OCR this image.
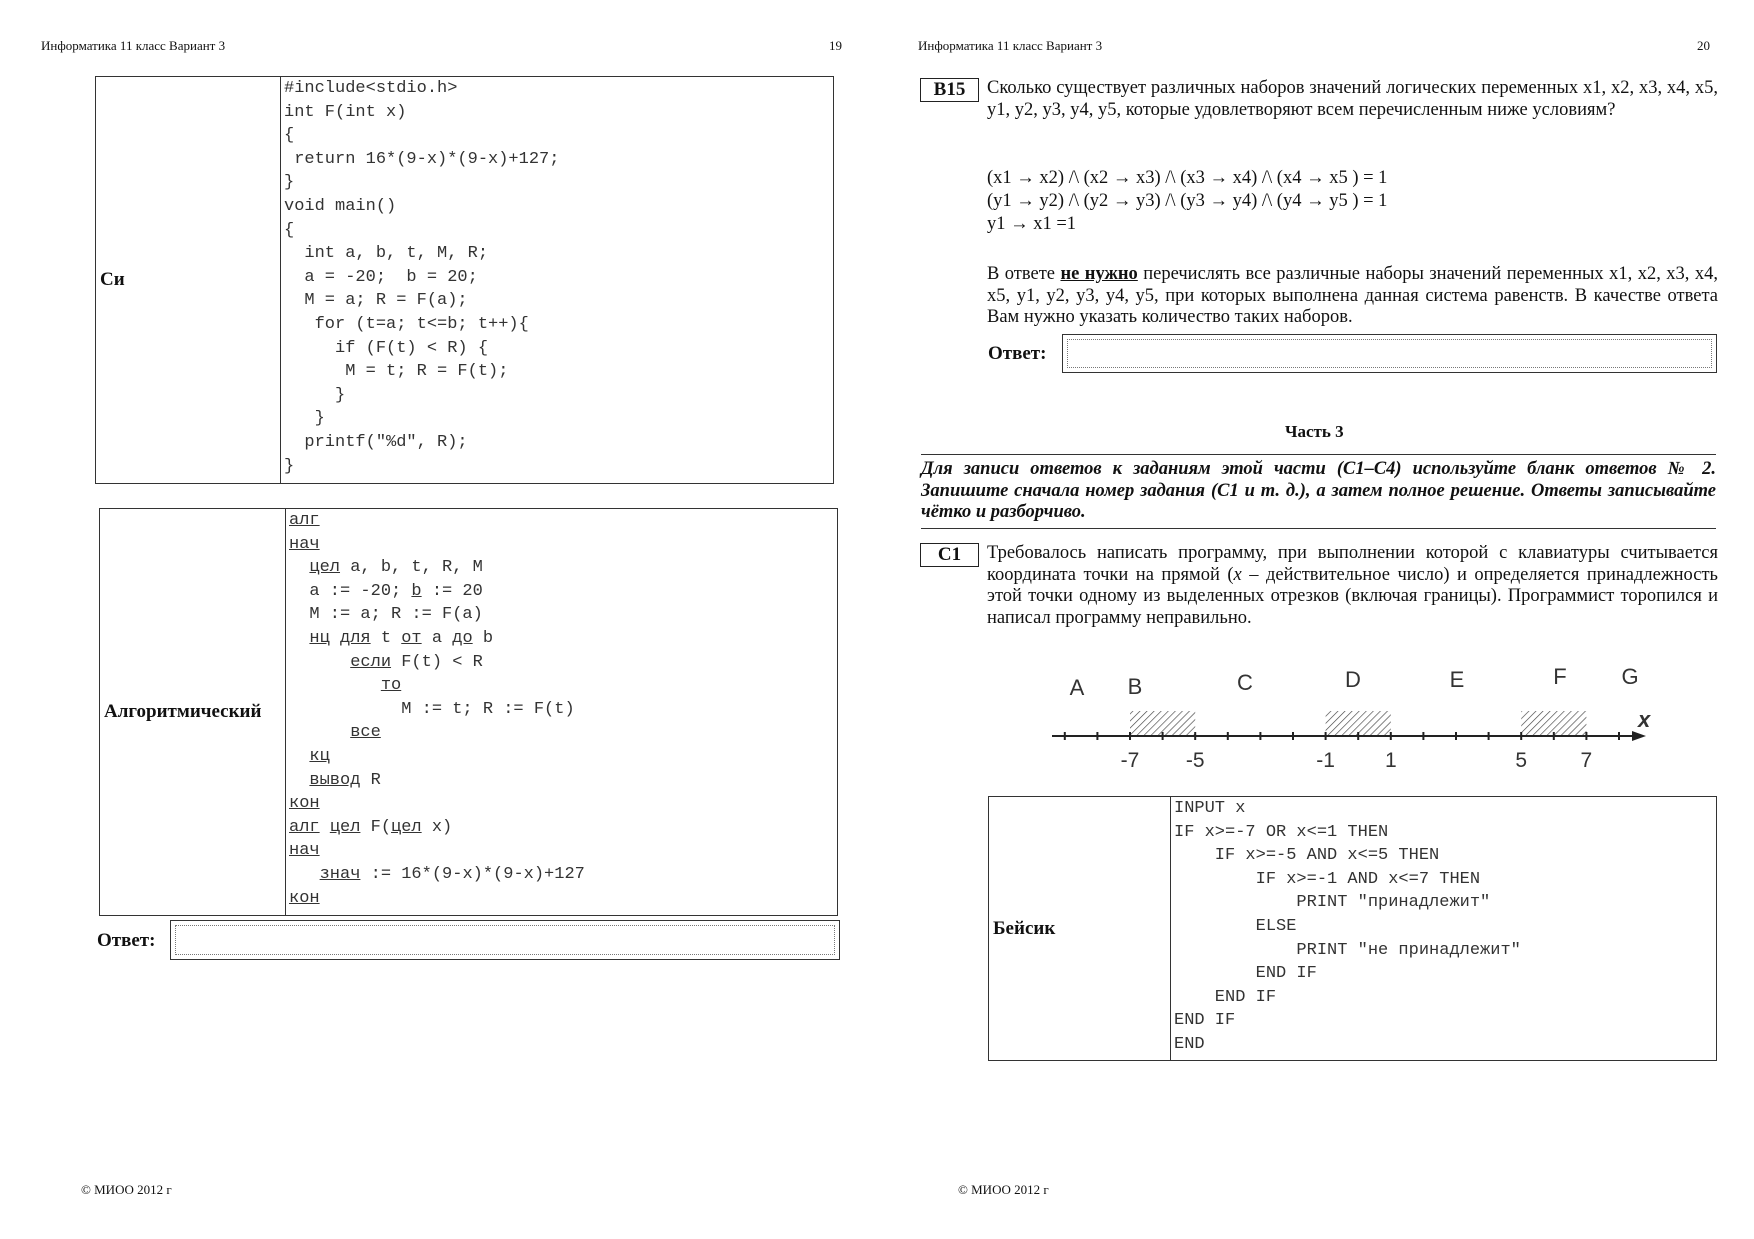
Информатика 11 класс Вариант 3	19
Си	
#include<stdio.h>
int F(int x)
{
return 16*(9-x)*(9-x)+127;
}
void main()
{
int a, b, t, M, R;
a = -20;  b = 20;
M = a; R = F(a);
for (t=a; t<=b; t++){
if (F(t) < R) {
M = t; R = F(t);
}
}
printf("%d", R);
}
Алгоритмический	
алг
нач
цел a, b, t, R, M
a := -20; b := 20
M := a; R := F(a)
нц для t от a до b
если F(t) < R
то
M := t; R := F(t)
все
кц
вывод R
кон
алг цел F(цел x)
нач
знач := 16*(9-x)*(9-x)+127
кон
Ответ:
© МИОО 2012 г
Информатика 11 класс Вариант 3	20
B15	Сколько существует различных наборов значений логических переменных x1, x2, x3, x4, x5, y1, y2, y3, y4, y5, которые удовлетворяют всем перечисленным ниже условиям?
(x1 → x2) /\ (x2 → x3) /\ (x3 → x4) /\ (x4 → x5 ) = 1
(y1 → y2) /\ (y2 → y3) /\ (y3 → y4) /\ (y4 → y5 ) = 1
y1 → x1 =1
В ответе не нужно перечислять все различные наборы значений переменных x1, x2, x3, x4, x5, y1, y2, y3, y4, y5, при которых выполнена данная система равенств. В качестве ответа Вам нужно указать количество таких наборов.
Ответ:
Часть 3
Для записи ответов к заданиям этой части (С1–С4) используйте бланк ответов № 2. Запишите сначала номер задания (С1 и т. д.), а затем полное решение. Ответы записывайте чётко и разборчиво.
C1	Требовалось написать программу, при выполнении которой с клавиатуры считывается координата точки на прямой (x – действительное число) и определяется принадлежность этой точки одному из выделенных отрезков (включая границы). Программист торопился и написал программу неправильно.
x
A B	C	D	E	F G
-7 -5	-1 1	5	7
Бейсик	
INPUT x
IF x>=-7 OR x<=1 THEN
IF x>=-5 AND x<=5 THEN
IF x>=-1 AND x<=7 THEN
PRINT "принадлежит"
ELSE
PRINT "не принадлежит"
END IF
END IF
END IF
END
© МИОО 2012 г
